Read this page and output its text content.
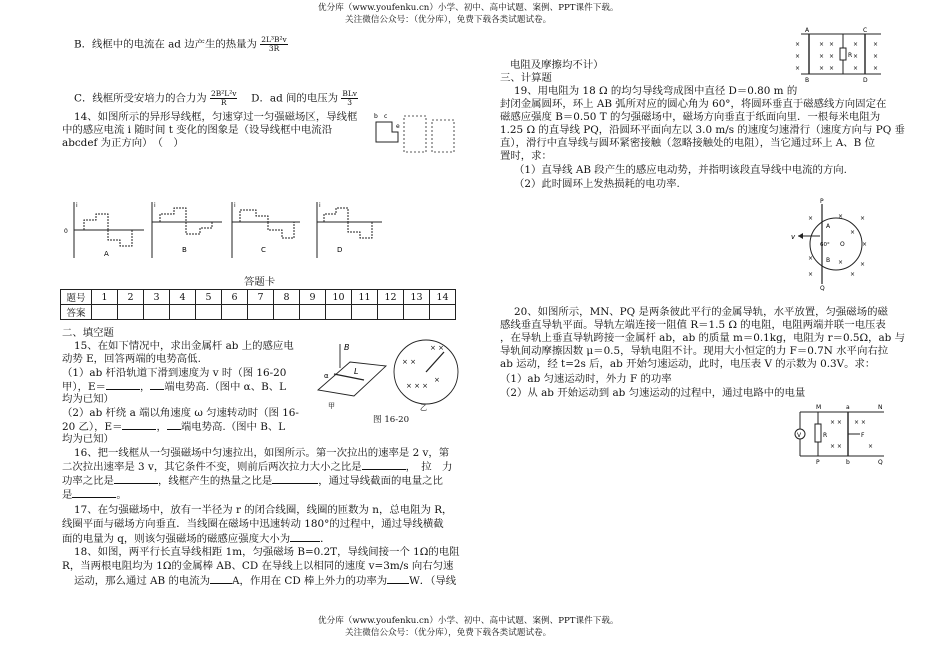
优分库（www.youfenku.cn）小学、初中、高中试题、案例、PPT课件下载。
关注微信公众号：（优分库），免费下载各类试题试卷。
B．线框中的电流在 ad 边产生的热量为 $\frac{\text{2L³B²v}}{3R}$
C．线框所受安培力的合力为 $\frac{\text{2B²L²v}}{R}$
　 D．ad 间的电压为 $\frac{\text{BLv}}{3}$
14、如图所示的异形导线框，匀速穿过一匀强磁场区，导线框
中的感应电流 i 随时间 t 变化的图象是（设导线框中电流沿
abcdef 为正方向）　（　）
b c
e
0
i
A
i
B
i
C
i
D
答题卡
题号	1	2	3	4	5	6	7	8	9	10	11	12	13	14
答案														
二、填空题
15、在如下情况中，求出金属杆 ab 上的感应电
动势 E，回答两端的电势高低.
（1）ab 杆沿轨道下滑到速度为 v 时（图 16-20
甲），E＝	， 端电势高.（图中 α、B、L
均为已知）
（2）ab 杆绕 a 端以角速度 ω 匀速转动时（图 16-
20 乙），E＝	， 端电势高.（图中 B、L
均为已知）
B
L
α
甲
× ×
× ×
× × ×
×
乙
图 16-20
16、把一线框从一匀强磁场中匀速拉出，如图所示。第一次拉出的速率是 2 v，第
二次拉出速率是 3 v，其它条件不变，则前后两次拉力大小之比是	，　拉　力
功率之比是	，线框产生的热量之比是	，通过导线截面的电量之比
是	。
17、在匀强磁场中，放有一半径为 r 的闭合线圈，线圈的匝数为 n，总电阻为 R，
线圈平面与磁场方向垂直．当线圈在磁场中迅速转动 180°的过程中，通过导线横截
面的电量为 q，则该匀强磁场的磁感应强度大小为	．
18、如图，两平行长直导线相距 1m，匀强磁场 B=0.2T，导线间接一个 1Ω的电阻
R，当两根电阻均为 1Ω的金属棒 AB、CD 在导线上以相同的速度 v=3m/s 向右匀速
运动，那么通过 AB 的电流为 A，作用在 CD 棒上外力的功率为 W．（导线
优分库（www.youfenku.cn）小学、初中、高中试题、案例、PPT课件下载。
关注微信公众号：（优分库），免费下载各类试题试卷。
电阻及摩擦均不计）
三、计算题
19、用电阻为 18 Ω 的均匀导线弯成图中直径 D＝0.80 m 的
封闭金属圆环，环上 AB 弧所对应的圆心角为 60°，将圆环垂直于磁感线方向固定在
磁感应强度 B＝0.50 T 的匀强磁场中，磁场方向垂直于纸面向里．一根每米电阻为
1.25 Ω 的直导线 PQ，沿圆环平面向左以 3.0 m/s 的速度匀速滑行（速度方向与 PQ 垂
直），滑行中直导线与圆环紧密接触（忽略接触处的电阻），当它通过环上 A、B 位
置时，求：
（1）直导线 AB 段产生的感应电动势，并指明该段直导线中电流的方向.
（2）此时圆环上发热损耗的电功率.
20、如图所示，MN、PQ 是两条彼此平行的金属导轨，水平放置，匀强磁场的磁
感线垂直导轨平面。导轨左端连接一阻值 R＝1.5 Ω 的电阻，电阻两端并联一电压表
，在导轨上垂直导轨跨接一金属杆 ab，ab 的质量 m＝0.1kg，电阻为 r＝0.5Ω，ab 与
导轨间动摩擦因数 μ＝0.5，导轨电阻不计。现用大小恒定的力 F＝0.7N 水平向右拉
ab 运动，经 t=2s 后，ab 开始匀速运动，此时，电压表 V 的示数为 0.3V。求：
（1）ab 匀速运动时，外力 F 的功率
（2）从 ab 开始运动到 ab 匀速运动的过程中，通过电路中的电量
A
B
C
D
R
×	× ×	× ×
×	× ×	× ×
×	× ×	× ×
v
P
Q
A
B
O
60°
×	×	×
×
×
×
×	×
×	×
V	R	F
M	N
P	Q
a
b
× × × ×
× ×	×
